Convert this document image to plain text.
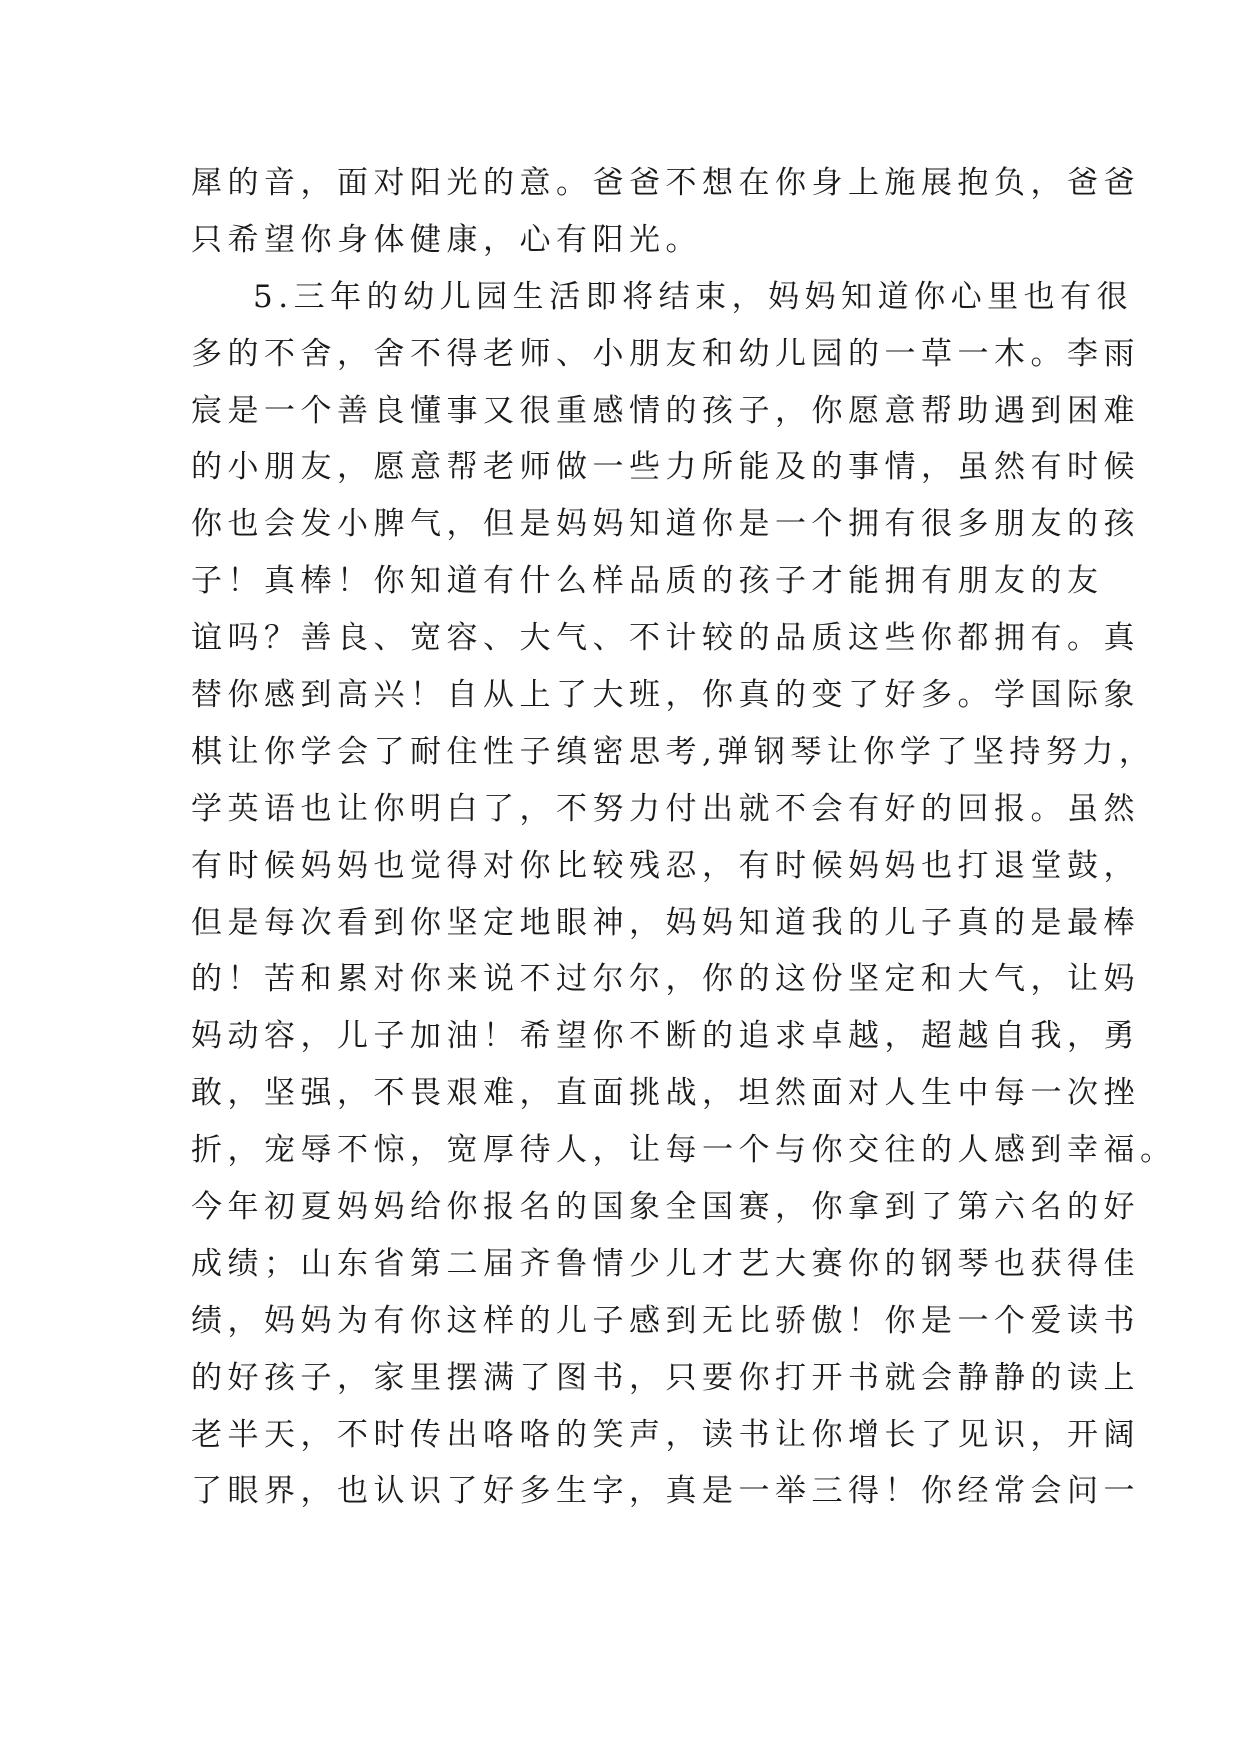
犀的音，面对阳光的意。爸爸不想在你身上施展抱负，爸爸
只希望你身体健康，心有阳光。
5.三年的幼儿园生活即将结束，妈妈知道你心里也有很
多的不舍，舍不得老师、小朋友和幼儿园的一草一木。李雨
宸是一个善良懂事又很重感情的孩子，你愿意帮助遇到困难
的小朋友，愿意帮老师做一些力所能及的事情，虽然有时候
你也会发小脾气，但是妈妈知道你是一个拥有很多朋友的孩
子！真棒！你知道有什么样品质的孩子才能拥有朋友的友
谊吗？善良、宽容、大气、不计较的品质这些你都拥有。真
替你感到高兴！自从上了大班，你真的变了好多。学国际象
棋让你学会了耐住性子缜密思考,弹钢琴让你学了坚持努力，
学英语也让你明白了，不努力付出就不会有好的回报。虽然
有时候妈妈也觉得对你比较残忍，有时候妈妈也打退堂鼓，
但是每次看到你坚定地眼神，妈妈知道我的儿子真的是最棒
的！苦和累对你来说不过尔尔，你的这份坚定和大气，让妈
妈动容，儿子加油！希望你不断的追求卓越，超越自我，勇
敢，坚强，不畏艰难，直面挑战，坦然面对人生中每一次挫
折，宠辱不惊，宽厚待人，让每一个与你交往的人感到幸福。
今年初夏妈妈给你报名的国象全国赛，你拿到了第六名的好
成绩；山东省第二届齐鲁情少儿才艺大赛你的钢琴也获得佳
绩，妈妈为有你这样的儿子感到无比骄傲！你是一个爱读书
的好孩子，家里摆满了图书，只要你打开书就会静静的读上
老半天，不时传出咯咯的笑声，读书让你增长了见识，开阔
了眼界，也认识了好多生字，真是一举三得！你经常会问一
